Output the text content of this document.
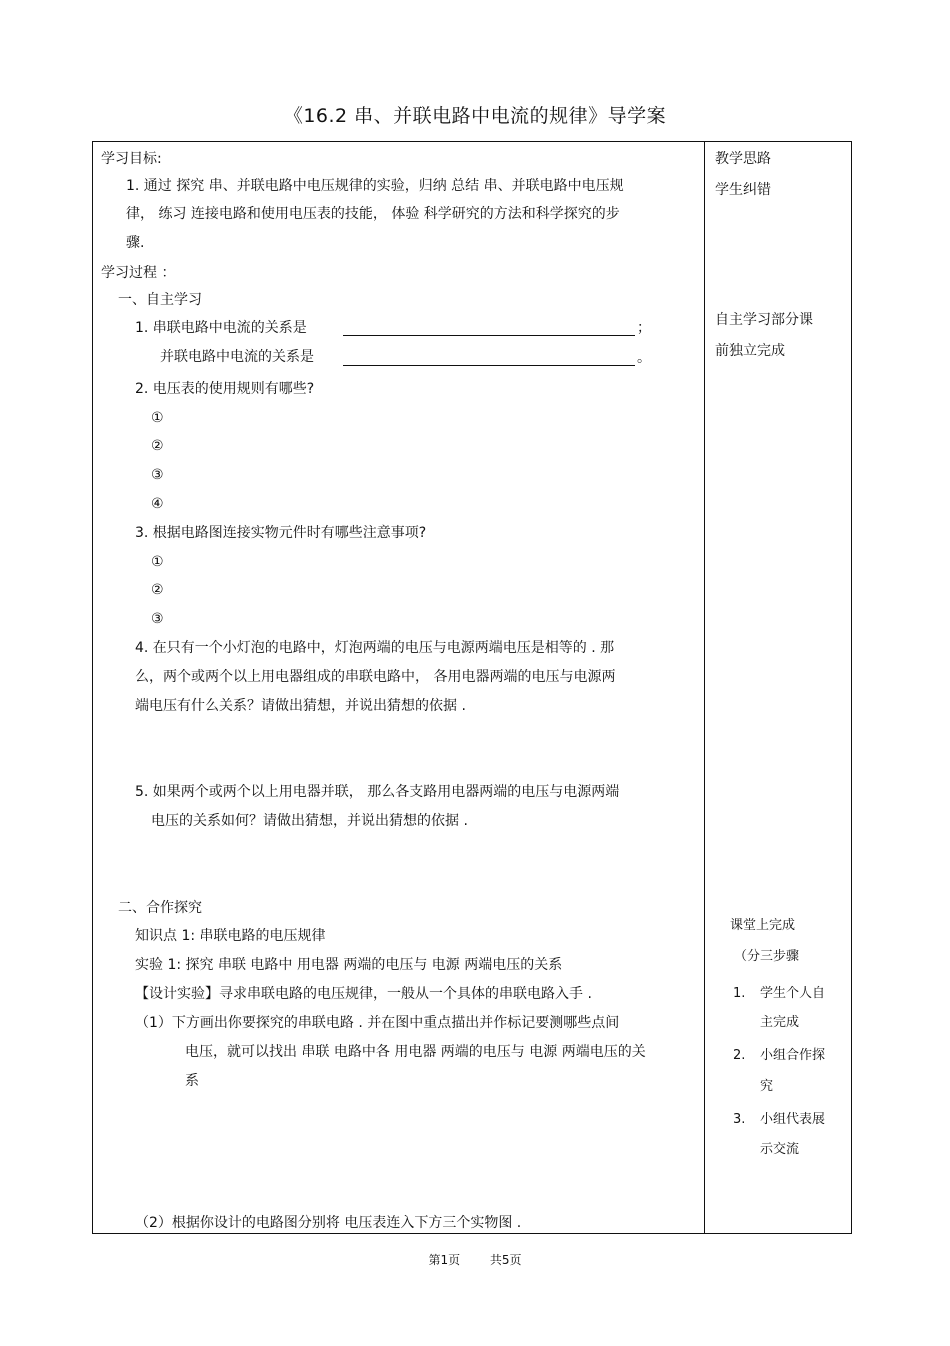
《16.2 串、并联电路中电流的规律》导学案
学习目标:
1. 通过 探究 串、并联电路中电压规律的实验，归纳 总结 串、并联电路中电压规
律， 练习 连接电路和使用电压表的技能， 体验 科学研究的方法和科学探究的步
骤.
学习过程 ：
一、自主学习
1. 串联电路中电流的关系是	；
并联电路中电流的关系是	。
2. 电压表的使用规则有哪些?
①
②
③
④
3. 根据电路图连接实物元件时有哪些注意事项?
①
②
③
4. 在只有一个小灯泡的电路中，灯泡两端的电压与电源两端电压是相等的 . 那
么，两个或两个以上用电器组成的串联电路中， 各用电器两端的电压与电源两
端电压有什么关系？请做出猜想，并说出猜想的依据 .
5. 如果两个或两个以上用电器并联， 那么各支路用电器两端的电压与电源两端
电压的关系如何？请做出猜想，并说出猜想的依据 .
二、合作探究
知识点 1: 串联电路的电压规律
实验 1: 探究 串联 电路中 用电器 两端的电压与 电源 两端电压的关系
【设计实验】寻求串联电路的电压规律，一般从一个具体的串联电路入手 .
（1）下方画出你要探究的串联电路 . 并在图中重点描出并作标记要测哪些点间
电压，就可以找出 串联 电路中各 用电器 两端的电压与 电源 两端电压的关
系
（2）根据你设计的电路图分别将 电压表连入下方三个实物图 .
教学思路
学生纠错
自主学习部分课
前独立完成
课堂上完成
（分三步骤
1. 学生个人自
主完成
2. 小组合作探
究
3. 小组代表展
示交流
第1页 共5页
